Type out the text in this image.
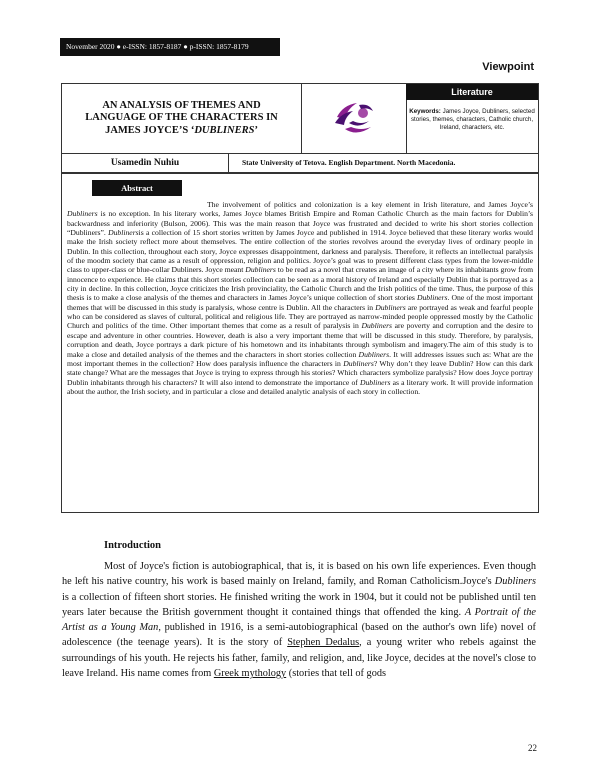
November 2020 ● e-ISSN: 1857-8187 ● p-ISSN: 1857-8179
Viewpoint
AN ANALYSIS OF THEMES AND LANGUAGE OF THE CHARACTERS IN JAMES JOYCE’S ‘DUBLINERS’
Literature
Keywords: James Joyce, Dubliners, selected stories, themes, characters, Catholic church, Ireland, characters, etc.
Usamedin Nuhiu	State University of Tetova. English Department. North Macedonia.
Abstract
The involvement of politics and colonization is a key element in Irish literature, and James Joyce’s Dubliners is no exception. In his literary works, James Joyce blames British Empire and Roman Catholic Church as the main factors for Dublin’s backwardness and inferiority (Bulson, 2006). This was the main reason that Joyce was frustrated and decided to write his short stories collection “Dubliners”. Dublinersis a collection of 15 short stories written by James Joyce and published in 1914. Joyce believed that these literary works would make the Irish society reflect more about themselves. The entire collection of the stories revolves around the everyday lives of ordinary people in Dublin. In this collection, throughout each story, Joyce expresses disappointment, darkness and paralysis. Therefore, it reflects an intellectual paralysis of the moodm society that came as a result of oppression, religion and politics. Joyce’s goal was to present different class types from the lower-middle class to upper-class or blue-collar Dubliners. Joyce meant Dubliners to be read as a novel that creates an image of a city where its inhabitants grow from innocence to experience. He claims that this short stories collection can be seen as a moral history of Ireland and especially Dublin that is portrayed as a city in decline. In this collection, Joyce criticizes the Irish provinciality, the Catholic Church and the Irish politics of the time. Thus, the purpose of this thesis is to make a close analysis of the themes and characters in James Joyce’s unique collection of short stories Dubliners. One of the most important themes that will be discussed in this study is paralysis, whose centre is Dublin. All the characters in Dubliners are portrayed as weak and fearful people who can be considered as slaves of cultural, political and religious life. They are portrayed as narrow-minded people oppressed mostly by the Catholic Church and politics of the time. Other important themes that come as a result of paralysis in Dubliners are poverty and corruption and the desire to escape and adventure in other countries. However, death is also a very important theme that will be discussed in this study. Therefore, by paralysis, corruption and death, Joyce portrays a dark picture of his hometown and its inhabitants through symbolism and imagery.The aim of this study is to make a close and detailed analysis of the themes and the characters in short stories collection Dubliners. It will addresses issues such as: What are the most important themes in the collection? How does paralysis influence the characters in Dubliners? Why don’t they leave Dublin? How can this dark state change? What are the messages that Joyce is trying to express through his stories? Which characters symbolize paralysis? How does Joyce portray Dublin inhabitants through his characters? It will also intend to demonstrate the importance of Dubliners as a literary work. It will provide information about the author, the Irish society, and in particular a close and detailed analytic analysis of each story in collection.
Introduction
Most of Joyce's fiction is autobiographical, that is, it is based on his own life experiences. Even though he left his native country, his work is based mainly on Ireland, family, and Roman Catholicism.Joyce's Dubliners is a collection of fifteen short stories. He finished writing the work in 1904, but it could not be published until ten years later because the British government thought it contained things that offended the king. A Portrait of the Artist as a Young Man, published in 1916, is a semi-autobiographical (based on the author's own life) novel of adolescence (the teenage years). It is the story of Stephen Dedalus, a young writer who rebels against the surroundings of his youth. He rejects his father, family, and religion, and, like Joyce, decides at the novel's close to leave Ireland. His name comes from Greek mythology (stories that tell of gods
22
